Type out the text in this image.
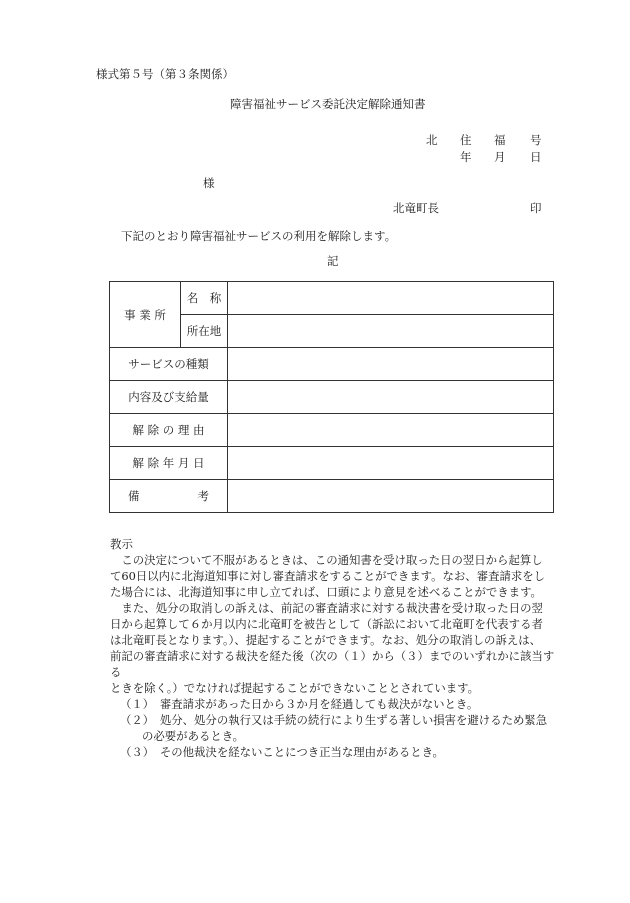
様式第５号（第３条関係）
障害福祉サービス委託決定解除通知書
北 住 福 号
年 月 日
様
北竜町長	印
下記のとおり障害福祉サービスの利用を解除します。
記
事 業 所	名　称	
	所在地	
サービスの種類		
内容及び支給量		
解 除 の 理 由		
解 除 年 月 日		
備 考		
教示

　この決定について不服があるときは、この通知書を受け取った日の翌日から起算し

て60日以内に北海道知事に対し審査請求をすることができます。なお、審査請求をし

た場合には、北海道知事に申し立てれば、口頭により意見を述べることができます。

　また、処分の取消しの訴えは、前記の審査請求に対する裁決書を受け取った日の翌

日から起算して６か月以内に北竜町を被告として（訴訟において北竜町を代表する者

は北竜町長となります。）、提起することができます。なお、処分の取消しの訴えは、

前記の審査請求に対する裁決を経た後（次の（１）から（３）までのいずれかに該当する

ときを除く。）でなければ提起することができないこととされています。

（１）　審査請求があった日から３か月を経過しても裁決がないとき。

（２）　処分、処分の執行又は手続の続行により生ずる著しい損害を避けるため緊急

の必要があるとき。

（３）　その他裁決を経ないことにつき正当な理由があるとき。
